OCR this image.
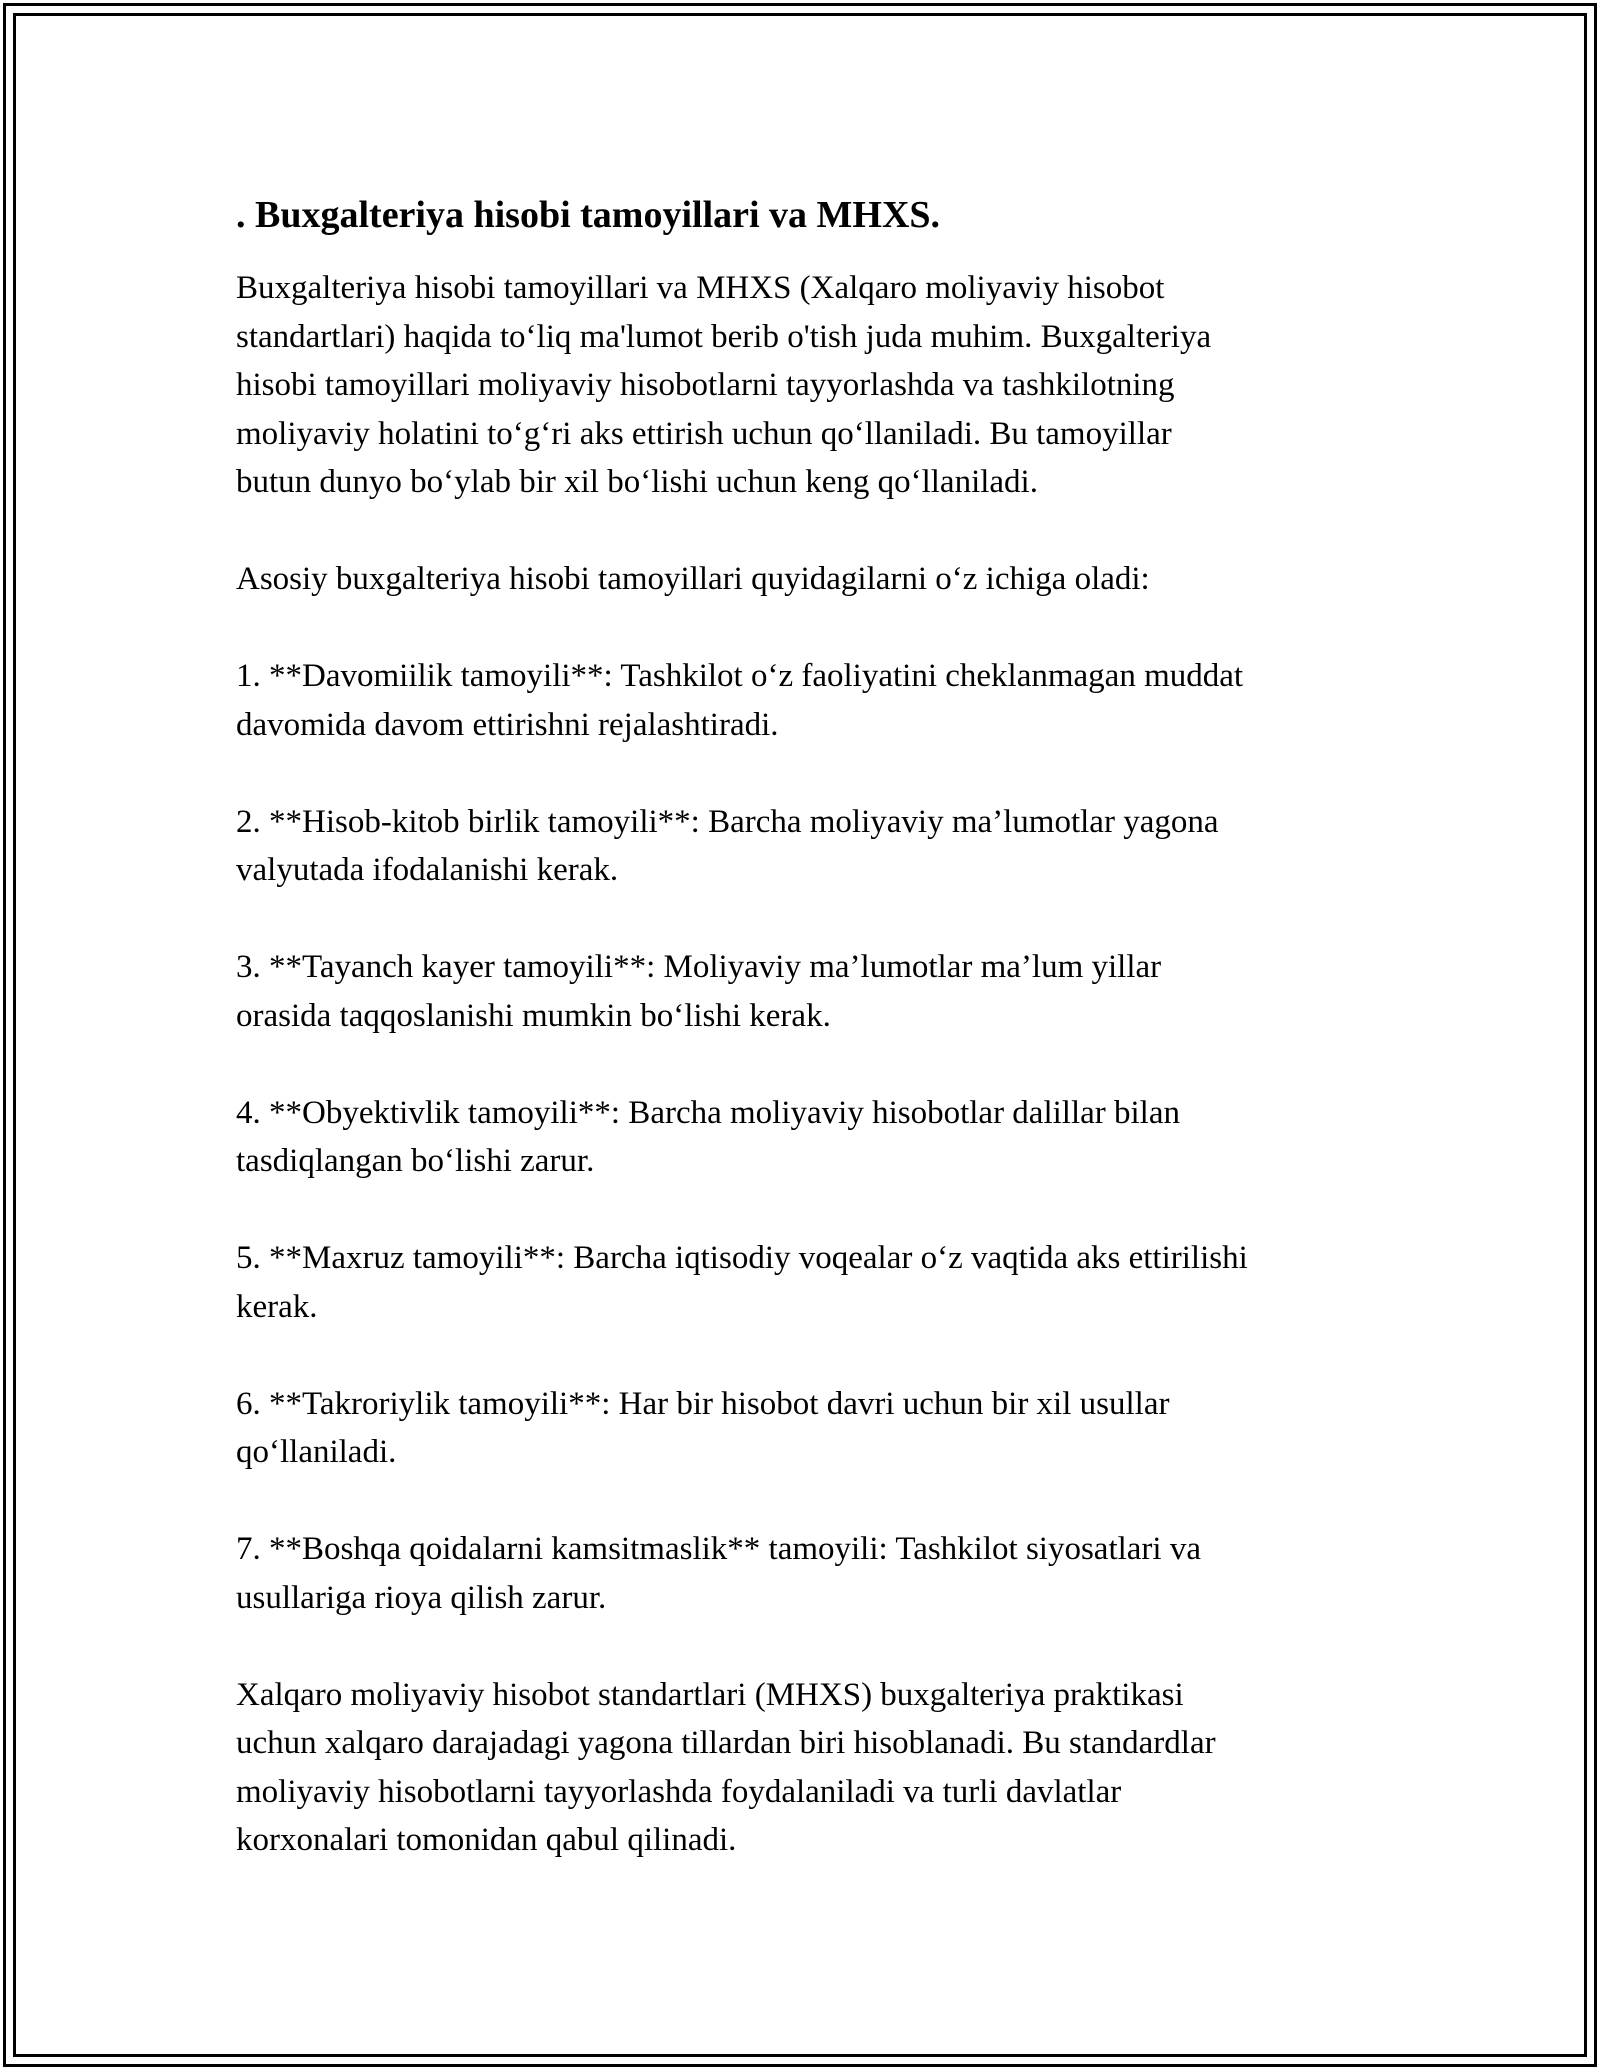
. Buxgalteriya hisobi tamoyillari va MHXS.

Buxgalteriya hisobi tamoyillari va MHXS (Xalqaro moliyaviy hisobot
standartlari) haqida to‘liq ma'lumot berib o'tish juda muhim. Buxgalteriya
hisobi tamoyillari moliyaviy hisobotlarni tayyorlashda va tashkilotning
moliyaviy holatini to‘g‘ri aks ettirish uchun qo‘llaniladi. Bu tamoyillar
butun dunyo bo‘ylab bir xil bo‘lishi uchun keng qo‘llaniladi.

Asosiy buxgalteriya hisobi tamoyillari quyidagilarni o‘z ichiga oladi:

1. **Davomiilik tamoyili**: Tashkilot o‘z faoliyatini cheklanmagan muddat
davomida davom ettirishni rejalashtiradi.

2. **Hisob-kitob birlik tamoyili**: Barcha moliyaviy ma’lumotlar yagona
valyutada ifodalanishi kerak.

3. **Tayanch kayer tamoyili**: Moliyaviy ma’lumotlar ma’lum yillar
orasida taqqoslanishi mumkin bo‘lishi kerak.

4. **Obyektivlik tamoyili**: Barcha moliyaviy hisobotlar dalillar bilan
tasdiqlangan bo‘lishi zarur.

5. **Maxruz tamoyili**: Barcha iqtisodiy voqealar o‘z vaqtida aks ettirilishi
kerak.

6. **Takroriylik tamoyili**: Har bir hisobot davri uchun bir xil usullar
qo‘llaniladi.

7. **Boshqa qoidalarni kamsitmaslik** tamoyili: Tashkilot siyosatlari va
usullariga rioya qilish zarur.

Xalqaro moliyaviy hisobot standartlari (MHXS) buxgalteriya praktikasi
uchun xalqaro darajadagi yagona tillardan biri hisoblanadi. Bu standardlar
moliyaviy hisobotlarni tayyorlashda foydalaniladi va turli davlatlar
korxonalari tomonidan qabul qilinadi.
